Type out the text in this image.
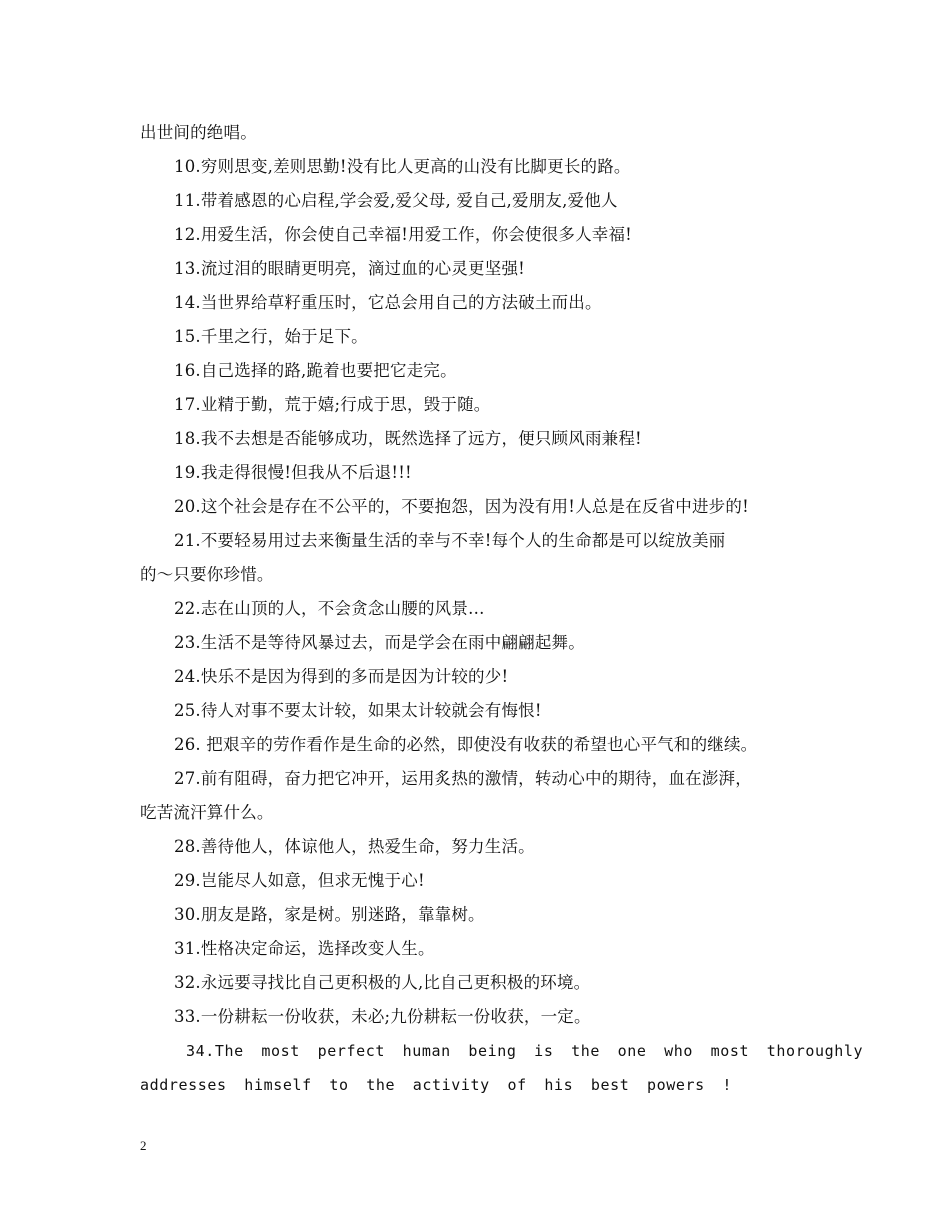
出世间的绝唱。
10.穷则思变,差则思勤!没有比人更高的山没有比脚更长的路。
11.带着感恩的心启程,学会爱,爱父母, 爱自己,爱朋友,爱他人
12.用爱生活，你会使自己幸福!用爱工作，你会使很多人幸福!
13.流过泪的眼睛更明亮，滴过血的心灵更坚强!
14.当世界给草籽重压时，它总会用自己的方法破土而出。
15.千里之行，始于足下。
16.自己选择的路,跪着也要把它走完。
17.业精于勤，荒于嬉;行成于思，毁于随。
18.我不去想是否能够成功，既然选择了远方，便只顾风雨兼程!
19.我走得很慢!但我从不后退!!!
20.这个社会是存在不公平的，不要抱怨，因为没有用!人总是在反省中进步的!
21.不要轻易用过去来衡量生活的幸与不幸!每个人的生命都是可以绽放美丽
的～只要你珍惜。
22.志在山顶的人，不会贪念山腰的风景…
23.生活不是等待风暴过去，而是学会在雨中翩翩起舞。
24.快乐不是因为得到的多而是因为计较的少!
25.待人对事不要太计较，如果太计较就会有悔恨!
26. 把艰辛的劳作看作是生命的必然，即使没有收获的希望也心平气和的继续。
27.前有阻碍，奋力把它冲开，运用炙热的激情，转动心中的期待，血在澎湃，
吃苦流汗算什么。
28.善待他人，体谅他人，热爱生命，努力生活。
29.岂能尽人如意，但求无愧于心!
30.朋友是路，家是树。别迷路，靠靠树。
31.性格决定命运，选择改变人生。
32.永远要寻找比自己更积极的人,比自己更积极的环境。
33.一份耕耘一份收获，未必;九份耕耘一份收获，一定。
34.The most perfect human being is the one who most thoroughly
addresses himself to the activity of his best powers !
2
